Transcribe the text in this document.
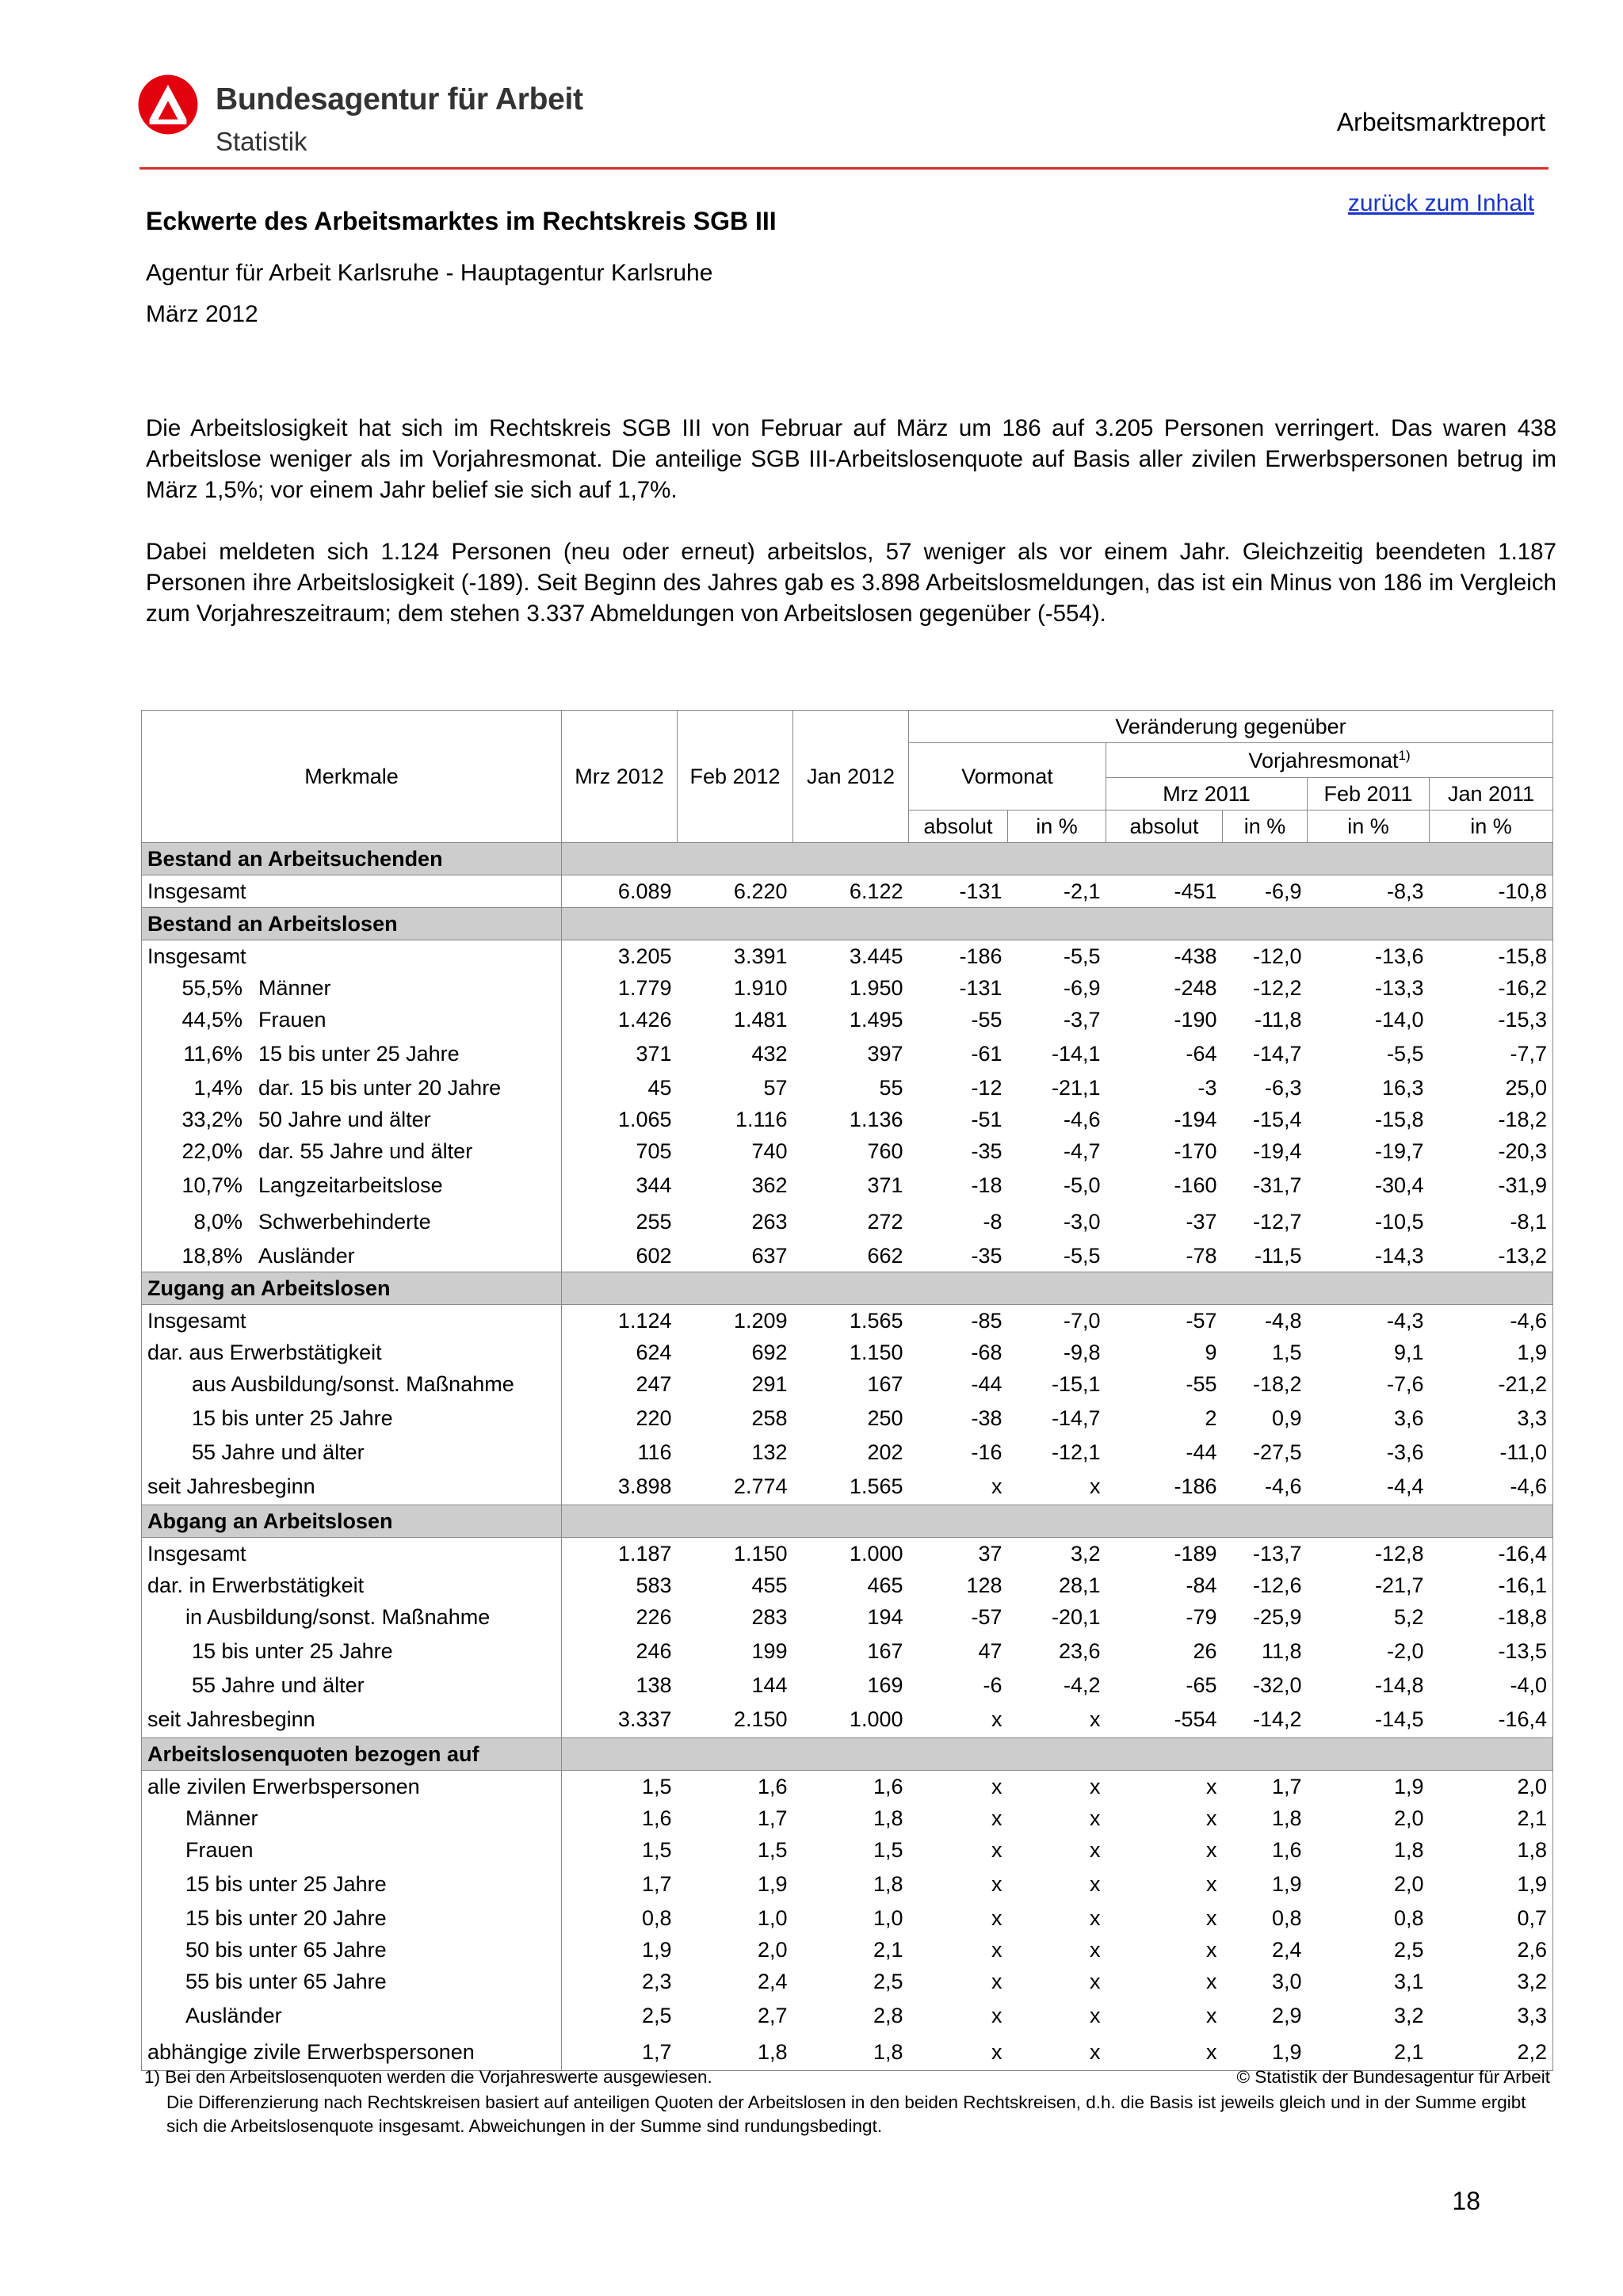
Bundesagentur für Arbeit
Statistik
Arbeitsmarktreport
zurück zum Inhalt
Eckwerte des Arbeitsmarktes im Rechtskreis SGB III
Agentur für Arbeit Karlsruhe - Hauptagentur Karlsruhe
März 2012

Die Arbeitslosigkeit hat sich im Rechtskreis SGB III von Februar auf März um 186 auf 3.205 Personen verringert. Das waren 438 Arbeitslose weniger als im Vorjahresmonat. Die anteilige SGB III-Arbeitslosenquote auf Basis aller zivilen Erwerbspersonen betrug im März 1,5%; vor einem Jahr belief sie sich auf 1,7%.

Dabei meldeten sich 1.124 Personen (neu oder erneut) arbeitslos, 57 weniger als vor einem Jahr. Gleichzeitig beendeten 1.187 Personen ihre Arbeitslosigkeit (-189). Seit Beginn des Jahres gab es 3.898 Arbeitslosmeldungen, das ist ein Minus von 186 im Vergleich zum Vorjahreszeitraum; dem stehen 3.337 Abmeldungen von Arbeitslosen gegenüber (-554).

Merkmale	Mrz 2012	Feb 2012	Jan 2012	Veränderung gegenüber					
				Vormonat		Vorjahresmonat$^{1)}$
						Mrz 2011		Feb 2011	Jan 2011
				absolut	in %	absolut	in %	in %	in %
Bestand an Arbeitsuchenden									
Insgesamt	6.089	6.220	6.122	-131	-2,1	-451	-6,9	-8,3	-10,8
Bestand an Arbeitslosen									
Insgesamt	3.205	3.391	3.445	-186	-5,5	-438	-12,0	-13,6	-15,8
55,5% Männer	1.779	1.910	1.950	-131	-6,9	-248	-12,2	-13,3	-16,2
44,5% Frauen	1.426	1.481	1.495	-55	-3,7	-190	-11,8	-14,0	-15,3
11,6% 15 bis unter 25 Jahre	371	432	397	-61	-14,1	-64	-14,7	-5,5	-7,7
1,4% dar. 15 bis unter 20 Jahre	45	57	55	-12	-21,1	-3	-6,3	16,3	25,0
33,2% 50 Jahre und älter	1.065	1.116	1.136	-51	-4,6	-194	-15,4	-15,8	-18,2
22,0% dar. 55 Jahre und älter	705	740	760	-35	-4,7	-170	-19,4	-19,7	-20,3
10,7% Langzeitarbeitslose	344	362	371	-18	-5,0	-160	-31,7	-30,4	-31,9
8,0% Schwerbehinderte	255	263	272	-8	-3,0	-37	-12,7	-10,5	-8,1
18,8% Ausländer	602	637	662	-35	-5,5	-78	-11,5	-14,3	-13,2
Zugang an Arbeitslosen									
Insgesamt	1.124	1.209	1.565	-85	-7,0	-57	-4,8	-4,3	-4,6
dar. aus Erwerbstätigkeit	624	692	1.150	-68	-9,8	9	1,5	9,1	1,9
aus Ausbildung/sonst. Maßnahme	247	291	167	-44	-15,1	-55	-18,2	-7,6	-21,2
15 bis unter 25 Jahre	220	258	250	-38	-14,7	2	0,9	3,6	3,3
55 Jahre und älter	116	132	202	-16	-12,1	-44	-27,5	-3,6	-11,0
seit Jahresbeginn	3.898	2.774	1.565	x	x	-186	-4,6	-4,4	-4,6
Abgang an Arbeitslosen									
Insgesamt	1.187	1.150	1.000	37	3,2	-189	-13,7	-12,8	-16,4
dar. in Erwerbstätigkeit	583	455	465	128	28,1	-84	-12,6	-21,7	-16,1
in Ausbildung/sonst. Maßnahme	226	283	194	-57	-20,1	-79	-25,9	5,2	-18,8
15 bis unter 25 Jahre	246	199	167	47	23,6	26	11,8	-2,0	-13,5
55 Jahre und älter	138	144	169	-6	-4,2	-65	-32,0	-14,8	-4,0
seit Jahresbeginn	3.337	2.150	1.000	x	x	-554	-14,2	-14,5	-16,4
Arbeitslosenquoten bezogen auf									
alle zivilen Erwerbspersonen	1,5	1,6	1,6	x	x	x	1,7	1,9	2,0
Männer	1,6	1,7	1,8	x	x	x	1,8	2,0	2,1
Frauen	1,5	1,5	1,5	x	x	x	1,6	1,8	1,8
15 bis unter 25 Jahre	1,7	1,9	1,8	x	x	x	1,9	2,0	1,9
15 bis unter 20 Jahre	0,8	1,0	1,0	x	x	x	0,8	0,8	0,7
50 bis unter 65 Jahre	1,9	2,0	2,1	x	x	x	2,4	2,5	2,6
55 bis unter 65 Jahre	2,3	2,4	2,5	x	x	x	3,0	3,1	3,2
Ausländer	2,5	2,7	2,8	x	x	x	2,9	3,2	3,3
abhängige zivile Erwerbspersonen	1,7	1,8	1,8	x	x	x	1,9	2,1	2,2
1) Bei den Arbeitslosenquoten werden die Vorjahreswerte ausgewiesen.	© Statistik der Bundesagentur für Arbeit
Die Differenzierung nach Rechtskreisen basiert auf anteiligen Quoten der Arbeitslosen in den beiden Rechtskreisen, d.h. die Basis ist jeweils gleich und in der Summe ergibt sich die Arbeitslosenquote insgesamt. Abweichungen in der Summe sind rundungsbedingt.
18
